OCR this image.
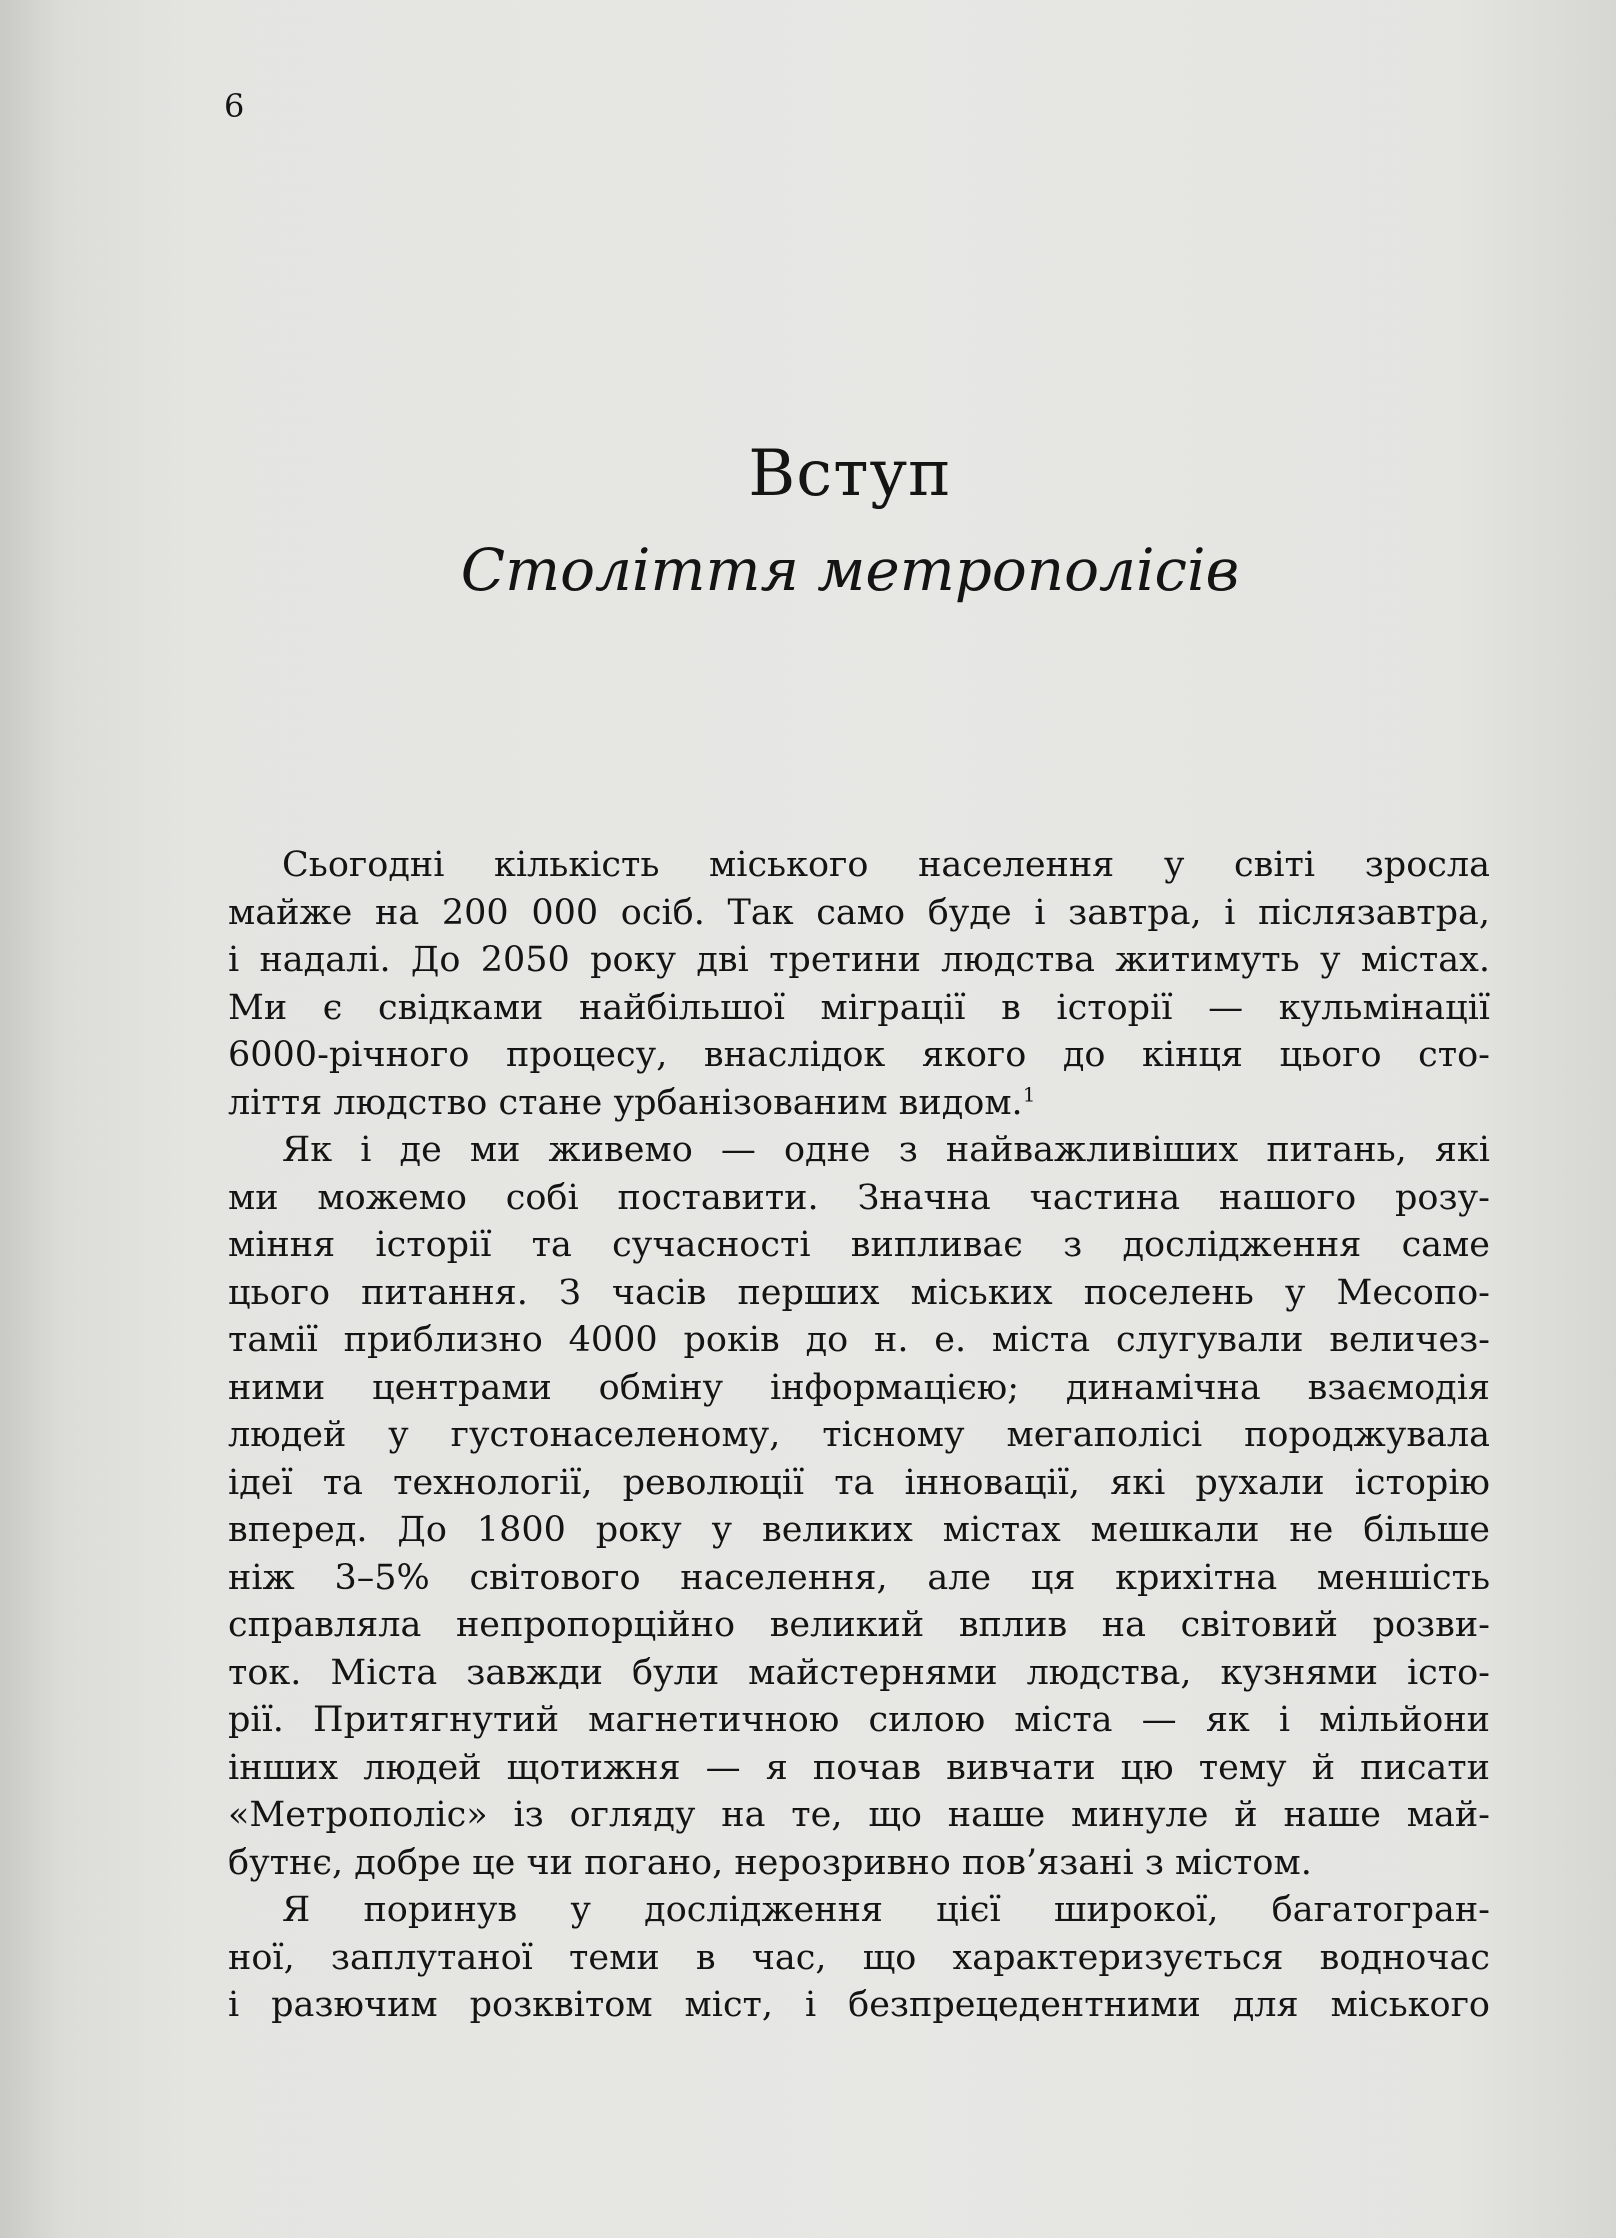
6
Вступ
Століття метрополісів
Сьогодні кількість міського населення у світі зросла
майже на 200 000 осіб. Так само буде і завтра, і післязавтра,
і надалі. До 2050 року дві третини людства житимуть у містах.
Ми є свідками найбільшої міграції в історії — кульмінації
6000-річного процесу, внаслідок якого до кінця цього сто-
ліття людство стане урбанізованим видом.$^1$
Як і де ми живемо — одне з найважливіших питань, які
ми можемо собі поставити. Значна частина нашого розу-
міння історії та сучасності випливає з дослідження саме
цього питання. З часів перших міських поселень у Месопо-
тамії приблизно 4000 років до н. е. міста слугували величез-
ними центрами обміну інформацією; динамічна взаємодія
людей у густонаселеному, тісному мегаполісі породжувала
ідеї та технології, революції та інновації, які рухали історію
вперед. До 1800 року у великих містах мешкали не більше
ніж 3–5% світового населення, але ця крихітна меншість
справляла непропорційно великий вплив на світовий розви-
ток. Міста завжди були майстернями людства, кузнями істо-
рії. Притягнутий магнетичною силою міста — як і мільйони
інших людей щотижня — я почав вивчати цю тему й писати
«Метрополіс» із огляду на те, що наше минуле й наше май-
бутнє, добре це чи погано, нерозривно пов’язані з містом.
Я поринув у дослідження цієї широкої, багатогран-
ної, заплутаної теми в час, що характеризується водночас
і разючим розквітом міст, і безпрецедентними для міського
